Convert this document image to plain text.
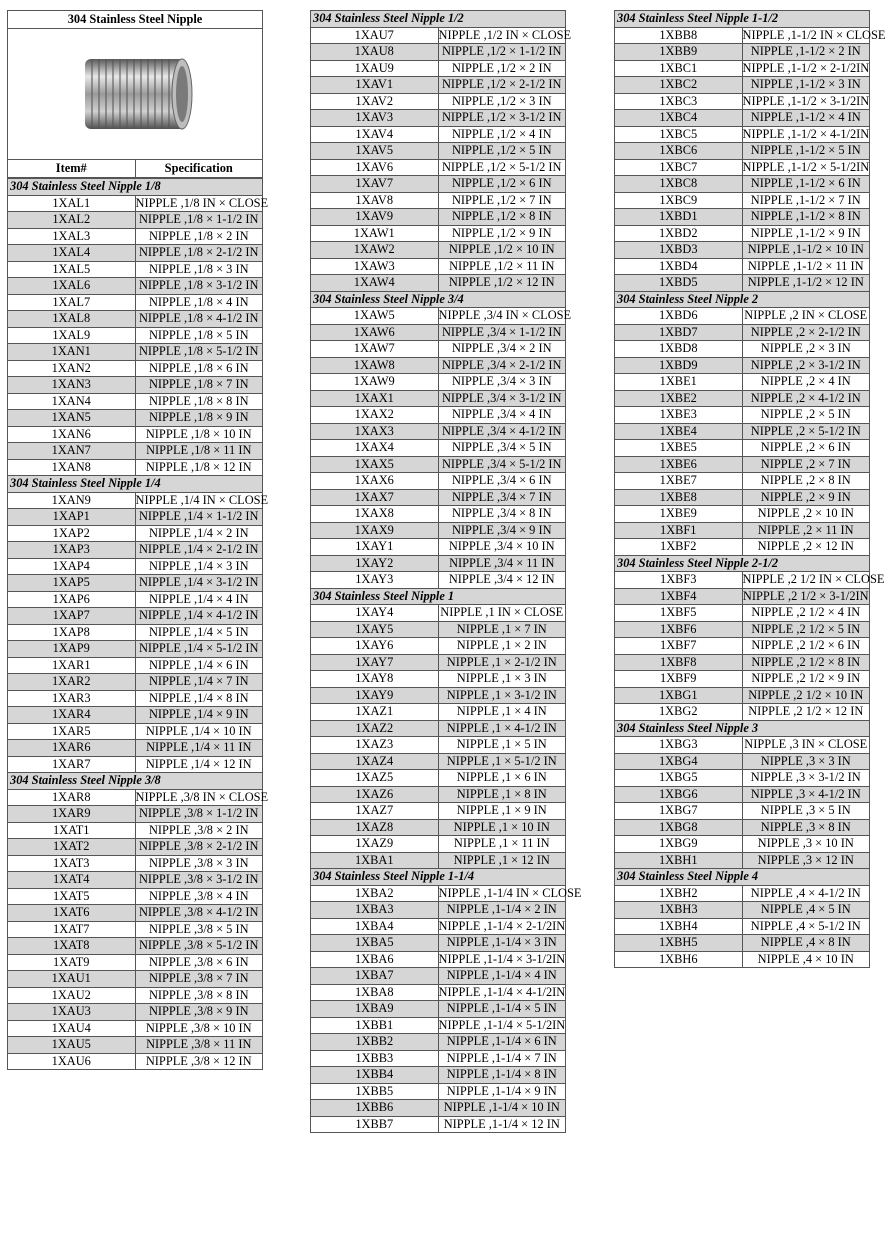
304 Stainless Steel Nipple

Item#	Specification
304 Stainless Steel Nipple 1/8	
1XAL1	NIPPLE ,1/8 IN × CLOSE
1XAL2	NIPPLE ,1/8 × 1-1/2 IN
1XAL3	NIPPLE ,1/8 × 2 IN
1XAL4	NIPPLE ,1/8 × 2-1/2 IN
1XAL5	NIPPLE ,1/8 × 3 IN
1XAL6	NIPPLE ,1/8 × 3-1/2 IN
1XAL7	NIPPLE ,1/8 × 4 IN
1XAL8	NIPPLE ,1/8 × 4-1/2 IN
1XAL9	NIPPLE ,1/8 × 5 IN
1XAN1	NIPPLE ,1/8 × 5-1/2 IN
1XAN2	NIPPLE ,1/8 × 6 IN
1XAN3	NIPPLE ,1/8 × 7 IN
1XAN4	NIPPLE ,1/8 × 8 IN
1XAN5	NIPPLE ,1/8 × 9 IN
1XAN6	NIPPLE ,1/8 × 10 IN
1XAN7	NIPPLE ,1/8 × 11 IN
1XAN8	NIPPLE ,1/8 × 12 IN
304 Stainless Steel Nipple 1/4	
1XAN9	NIPPLE ,1/4 IN × CLOSE
1XAP1	NIPPLE ,1/4 × 1-1/2 IN
1XAP2	NIPPLE ,1/4 × 2 IN
1XAP3	NIPPLE ,1/4 × 2-1/2 IN
1XAP4	NIPPLE ,1/4 × 3 IN
1XAP5	NIPPLE ,1/4 × 3-1/2 IN
1XAP6	NIPPLE ,1/4 × 4 IN
1XAP7	NIPPLE ,1/4 × 4-1/2 IN
1XAP8	NIPPLE ,1/4 × 5 IN
1XAP9	NIPPLE ,1/4 × 5-1/2 IN
1XAR1	NIPPLE ,1/4 × 6 IN
1XAR2	NIPPLE ,1/4 × 7 IN
1XAR3	NIPPLE ,1/4 × 8 IN
1XAR4	NIPPLE ,1/4 × 9 IN
1XAR5	NIPPLE ,1/4 × 10 IN
1XAR6	NIPPLE ,1/4 × 11 IN
1XAR7	NIPPLE ,1/4 × 12 IN
304 Stainless Steel Nipple 3/8	
1XAR8	NIPPLE ,3/8 IN × CLOSE
1XAR9	NIPPLE ,3/8 × 1-1/2 IN
1XAT1	NIPPLE ,3/8 × 2 IN
1XAT2	NIPPLE ,3/8 × 2-1/2 IN
1XAT3	NIPPLE ,3/8 × 3 IN
1XAT4	NIPPLE ,3/8 × 3-1/2 IN
1XAT5	NIPPLE ,3/8 × 4 IN
1XAT6	NIPPLE ,3/8 × 4-1/2 IN
1XAT7	NIPPLE ,3/8 × 5 IN
1XAT8	NIPPLE ,3/8 × 5-1/2 IN
1XAT9	NIPPLE ,3/8 × 6 IN
1XAU1	NIPPLE ,3/8 × 7 IN
1XAU2	NIPPLE ,3/8 × 8 IN
1XAU3	NIPPLE ,3/8 × 9 IN
1XAU4	NIPPLE ,3/8 × 10 IN
1XAU5	NIPPLE ,3/8 × 11 IN
1XAU6	NIPPLE ,3/8 × 12 IN
304 Stainless Steel Nipple 1/2	
1XAU7	NIPPLE ,1/2 IN × CLOSE
1XAU8	NIPPLE ,1/2 × 1-1/2 IN
1XAU9	NIPPLE ,1/2 × 2 IN
1XAV1	NIPPLE ,1/2 × 2-1/2 IN
1XAV2	NIPPLE ,1/2 × 3 IN
1XAV3	NIPPLE ,1/2 × 3-1/2 IN
1XAV4	NIPPLE ,1/2 × 4 IN
1XAV5	NIPPLE ,1/2 × 5 IN
1XAV6	NIPPLE ,1/2 × 5-1/2 IN
1XAV7	NIPPLE ,1/2 × 6 IN
1XAV8	NIPPLE ,1/2 × 7 IN
1XAV9	NIPPLE ,1/2 × 8 IN
1XAW1	NIPPLE ,1/2 × 9 IN
1XAW2	NIPPLE ,1/2 × 10 IN
1XAW3	NIPPLE ,1/2 × 11 IN
1XAW4	NIPPLE ,1/2 × 12 IN
304 Stainless Steel Nipple 3/4	
1XAW5	NIPPLE ,3/4 IN × CLOSE
1XAW6	NIPPLE ,3/4 × 1-1/2 IN
1XAW7	NIPPLE ,3/4 × 2 IN
1XAW8	NIPPLE ,3/4 × 2-1/2 IN
1XAW9	NIPPLE ,3/4 × 3 IN
1XAX1	NIPPLE ,3/4 × 3-1/2 IN
1XAX2	NIPPLE ,3/4 × 4 IN
1XAX3	NIPPLE ,3/4 × 4-1/2 IN
1XAX4	NIPPLE ,3/4 × 5 IN
1XAX5	NIPPLE ,3/4 × 5-1/2 IN
1XAX6	NIPPLE ,3/4 × 6 IN
1XAX7	NIPPLE ,3/4 × 7 IN
1XAX8	NIPPLE ,3/4 × 8 IN
1XAX9	NIPPLE ,3/4 × 9 IN
1XAY1	NIPPLE ,3/4 × 10 IN
1XAY2	NIPPLE ,3/4 × 11 IN
1XAY3	NIPPLE ,3/4 × 12 IN
304 Stainless Steel Nipple 1	
1XAY4	NIPPLE ,1 IN × CLOSE
1XAY5	NIPPLE ,1 × 7 IN
1XAY6	NIPPLE ,1 × 2 IN
1XAY7	NIPPLE ,1 × 2-1/2 IN
1XAY8	NIPPLE ,1 × 3 IN
1XAY9	NIPPLE ,1 × 3-1/2 IN
1XAZ1	NIPPLE ,1 × 4 IN
1XAZ2	NIPPLE ,1 × 4-1/2 IN
1XAZ3	NIPPLE ,1 × 5 IN
1XAZ4	NIPPLE ,1 × 5-1/2 IN
1XAZ5	NIPPLE ,1 × 6 IN
1XAZ6	NIPPLE ,1 × 8 IN
1XAZ7	NIPPLE ,1 × 9 IN
1XAZ8	NIPPLE ,1 × 10 IN
1XAZ9	NIPPLE ,1 × 11 IN
1XBA1	NIPPLE ,1 × 12 IN
304 Stainless Steel Nipple 1-1/4	
1XBA2	NIPPLE ,1-1/4 IN × CLOSE
1XBA3	NIPPLE ,1-1/4 × 2 IN
1XBA4	NIPPLE ,1-1/4 × 2-1/2IN
1XBA5	NIPPLE ,1-1/4 × 3 IN
1XBA6	NIPPLE ,1-1/4 × 3-1/2IN
1XBA7	NIPPLE ,1-1/4 × 4 IN
1XBA8	NIPPLE ,1-1/4 × 4-1/2IN
1XBA9	NIPPLE ,1-1/4 × 5 IN
1XBB1	NIPPLE ,1-1/4 × 5-1/2IN
1XBB2	NIPPLE ,1-1/4 × 6 IN
1XBB3	NIPPLE ,1-1/4 × 7 IN
1XBB4	NIPPLE ,1-1/4 × 8 IN
1XBB5	NIPPLE ,1-1/4 × 9 IN
1XBB6	NIPPLE ,1-1/4 × 10 IN
1XBB7	NIPPLE ,1-1/4 × 12 IN
304 Stainless Steel Nipple 1-1/2	
1XBB8	NIPPLE ,1-1/2 IN × CLOSE
1XBB9	NIPPLE ,1-1/2 × 2 IN
1XBC1	NIPPLE ,1-1/2 × 2-1/2IN
1XBC2	NIPPLE ,1-1/2 × 3 IN
1XBC3	NIPPLE ,1-1/2 × 3-1/2IN
1XBC4	NIPPLE ,1-1/2 × 4 IN
1XBC5	NIPPLE ,1-1/2 × 4-1/2IN
1XBC6	NIPPLE ,1-1/2 × 5 IN
1XBC7	NIPPLE ,1-1/2 × 5-1/2IN
1XBC8	NIPPLE ,1-1/2 × 6 IN
1XBC9	NIPPLE ,1-1/2 × 7 IN
1XBD1	NIPPLE ,1-1/2 × 8 IN
1XBD2	NIPPLE ,1-1/2 × 9 IN
1XBD3	NIPPLE ,1-1/2 × 10 IN
1XBD4	NIPPLE ,1-1/2 × 11 IN
1XBD5	NIPPLE ,1-1/2 × 12 IN
304 Stainless Steel Nipple 2	
1XBD6	NIPPLE ,2 IN × CLOSE
1XBD7	NIPPLE ,2 × 2-1/2 IN
1XBD8	NIPPLE ,2 × 3 IN
1XBD9	NIPPLE ,2 × 3-1/2 IN
1XBE1	NIPPLE ,2 × 4 IN
1XBE2	NIPPLE ,2 × 4-1/2 IN
1XBE3	NIPPLE ,2 × 5 IN
1XBE4	NIPPLE ,2 × 5-1/2 IN
1XBE5	NIPPLE ,2 × 6 IN
1XBE6	NIPPLE ,2 × 7 IN
1XBE7	NIPPLE ,2 × 8 IN
1XBE8	NIPPLE ,2 × 9 IN
1XBE9	NIPPLE ,2 × 10 IN
1XBF1	NIPPLE ,2 × 11 IN
1XBF2	NIPPLE ,2 × 12 IN
304 Stainless Steel Nipple 2-1/2	
1XBF3	NIPPLE ,2 1/2 IN × CLOSE
1XBF4	NIPPLE ,2 1/2 × 3-1/2IN
1XBF5	NIPPLE ,2 1/2 × 4 IN
1XBF6	NIPPLE ,2 1/2 × 5 IN
1XBF7	NIPPLE ,2 1/2 × 6 IN
1XBF8	NIPPLE ,2 1/2 × 8 IN
1XBF9	NIPPLE ,2 1/2 × 9 IN
1XBG1	NIPPLE ,2 1/2 × 10 IN
1XBG2	NIPPLE ,2 1/2 × 12 IN
304 Stainless Steel Nipple 3	
1XBG3	NIPPLE ,3 IN × CLOSE
1XBG4	NIPPLE ,3 × 3 IN
1XBG5	NIPPLE ,3 × 3-1/2 IN
1XBG6	NIPPLE ,3 × 4-1/2 IN
1XBG7	NIPPLE ,3 × 5 IN
1XBG8	NIPPLE ,3 × 8 IN
1XBG9	NIPPLE ,3 × 10 IN
1XBH1	NIPPLE ,3 × 12 IN
304 Stainless Steel Nipple 4	
1XBH2	NIPPLE ,4 × 4-1/2 IN
1XBH3	NIPPLE ,4 × 5 IN
1XBH4	NIPPLE ,4 × 5-1/2 IN
1XBH5	NIPPLE ,4 × 8 IN
1XBH6	NIPPLE ,4 × 10 IN
